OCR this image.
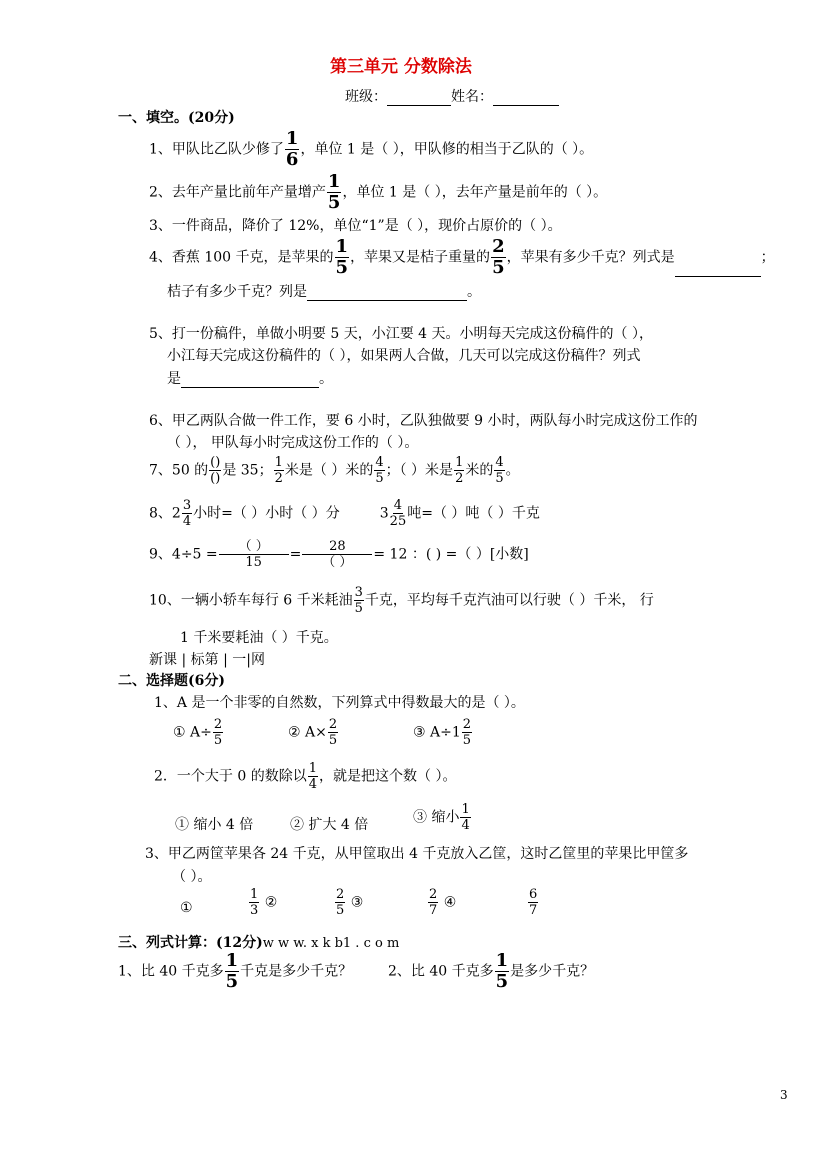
第三单元 分数除法
班级：	姓名：
一、填空。(20分)
1、甲队比乙队少修了 $\frac{1}{6}$ ，单位 1 是（ ），甲队修的相当于乙队的（ ）。
2、去年产量比前年产量增产 $\frac{1}{5}$ ，单位 1 是（ ），去年产量是前年的（ ）。
3、一件商品，降价了 12%，单位“1”是（ ），现价占原价的（ ）。
4、香蕉 100 千克，是苹果的 $\frac{1}{5}$ ，苹果又是桔子重量的 $\frac{2}{5}$ ，苹果有多少千克？列式是	；
桔子有多少千克？列是	。
5、打一份稿件，单做小明要 5 天，小江要 4 天。小明每天完成这份稿件的（ ），
小江每天完成这份稿件的（ ），如果两人合做，几天可以完成这份稿件？列式
是	。
6、甲乙两队合做一件工作，要 6 小时，乙队独做要 9 小时，两队每小时完成这份工作的
（ ）， 甲队每小时完成这份工作的（ ）。
7、50 的 $\frac{()}{()}$ 是 35； $\frac{1}{2}$ 米是（ ）米的 $\frac{4}{5}$ ；（ ）米是 $\frac{1}{2}$ 米的 $\frac{4}{5}$ 。
8、$2 \frac{3}{4}$ 小时=（ ）小时（ ）分	$3 \frac{4}{25}$ 吨=（ ）吨（ ）千克
9、$4\div 5 = \frac{( )}{15} = \frac{28}{( )} = 12$ ：( ) =（ ）[小数]
10、一辆小轿车每行 6 千米耗油 $\frac{3}{5}$ 千克，平均每千克汽油可以行驶（ ）千米， 行
1 千米要耗油（ ）千克。
新课 | 标第 | 一|网
二、选择题(6分)
1、A 是一个非零的自然数，下列算式中得数最大的是（ ）。
① $A\div \frac{2}{5}$	② $A\times \frac{2}{5}$	③ $A\div 1 \frac{2}{5}$
2．一个大于 0 的数除以 $\frac{1}{4}$ ，就是把这个数（ ）。
① 缩小 4 倍	② 扩大 4 倍	③ 缩小 $\frac{1}{4}$
3、甲乙两筐苹果各 24 千克，从甲筐取出 4 千克放入乙筐，这时乙筐里的苹果比甲筐多
（ ）。
①	$\frac{1}{3}$ ②	$\frac{2}{5}$ ③	$\frac{2}{7}$ ④	$\frac{6}{7}$
三、列式计算：(12分)w w w. x k b1 . c o m
1、比 40 千克多 $\frac{1}{5}$ 千克是多少千克？	2、比 40 千克多 $\frac{1}{5}$ 是多少千克？
3
